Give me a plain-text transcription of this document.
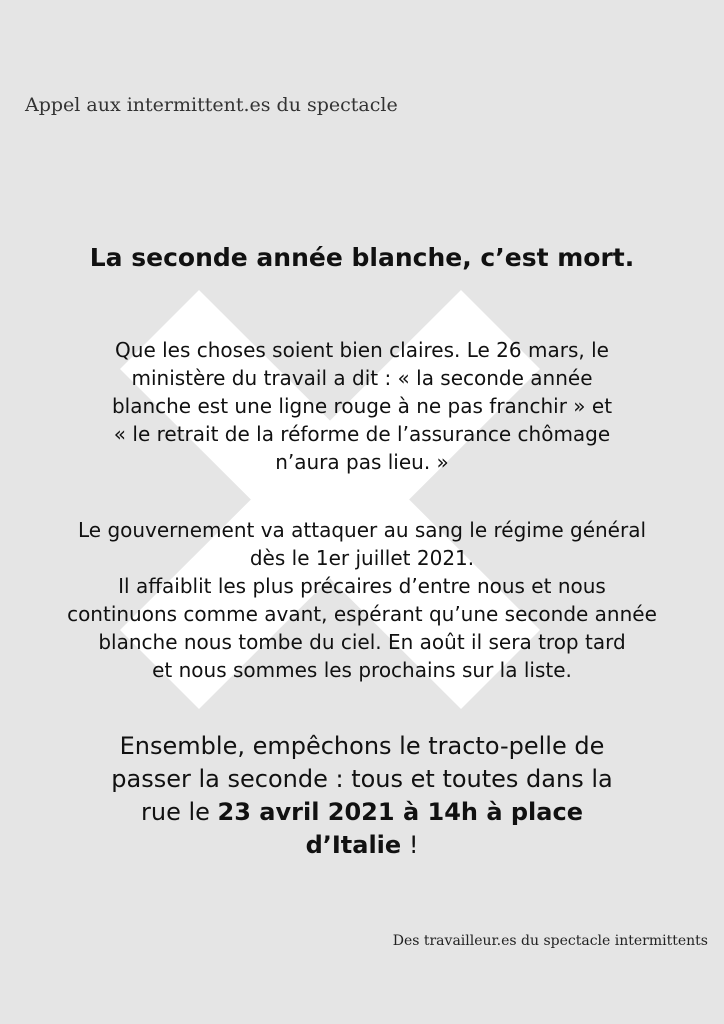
Appel aux intermittent.es du spectacle
La seconde année blanche, c’est mort.
Que les choses soient bien claires. Le 26 mars, le
ministère du travail a dit : « la seconde année
blanche est une ligne rouge à ne pas franchir » et
« le retrait de la réforme de l’assurance chômage
n’aura pas lieu. »
Le gouvernement va attaquer au sang le régime général
dès le 1er juillet 2021.
Il affaiblit les plus précaires d’entre nous et nous
continuons comme avant, espérant qu’une seconde année
blanche nous tombe du ciel. En août il sera trop tard
et nous sommes les prochains sur la liste.
Ensemble, empêchons le tracto-pelle de
passer la seconde : tous et toutes dans la
rue le 23 avril 2021 à 14h à place
d’Italie !
Des travailleur.es du spectacle intermittents
